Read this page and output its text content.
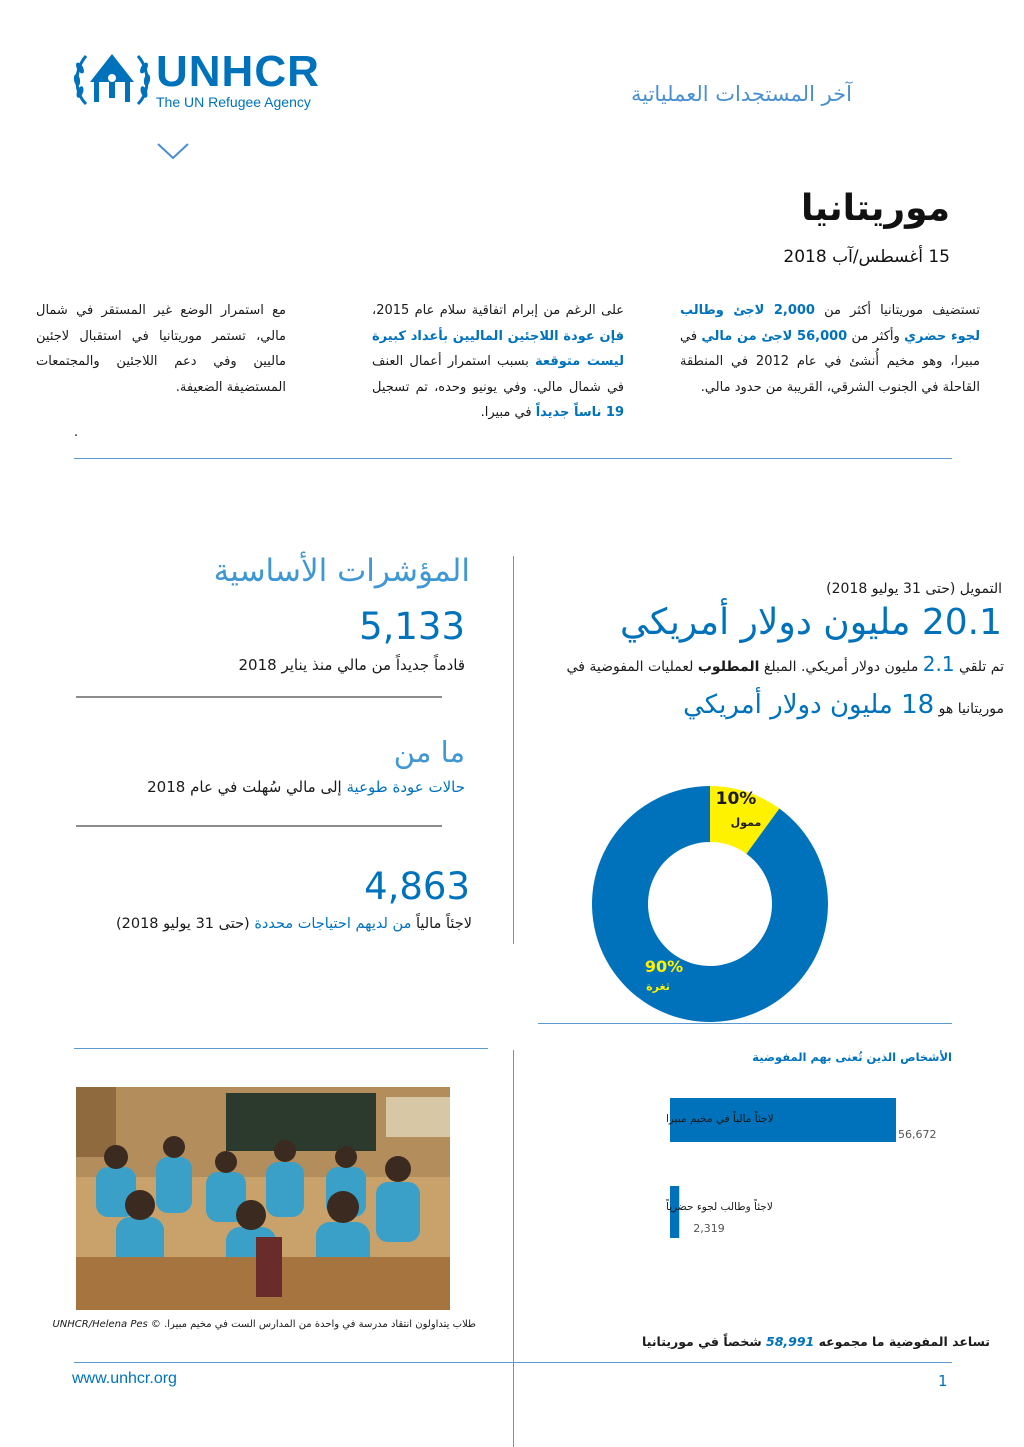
UNHCR
The UN Refugee Agency	آخر المستجدات العملياتية
موريتانيا
15 أغسطس/آب 2018
تستضيف موريتانيا أكثر من 2,000 لاجئ وطالب لجوء حضري وأكثر من 56,000 لاجئ من مالي في مبيرا، وهو مخيم أُنشئ في عام 2012 في المنطقة القاحلة في الجنوب الشرقي، القريبة من حدود مالي.
على الرغم من إبرام اتفاقية سلام عام 2015، فإن عودة اللاجئين الماليين بأعداد كبيرة ليست متوقعة بسبب استمرار أعمال العنف في شمال مالي. وفي يونيو وحده، تم تسجيل 19 ناساً جديداً في مبيرا.
مع استمرار الوضع غير المستقر في شمال مالي، تستمر موريتانيا في استقبال لاجئين ماليين وفي دعم اللاجئين والمجتمعات المستضيفة الضعيفة.
.
المؤشرات الأساسية
5,133
قادماً جديداً من مالي منذ يناير 2018
ما من
حالات عودة طوعية إلى مالي سُهلت في عام 2018
4,863
لاجئاً مالياً من لديهم احتياجات محددة (حتى 31 يوليو 2018)
التمويل (حتى 31 يوليو 2018)
20.1 مليون دولار أمريكي
تم تلقي 2.1 مليون دولار أمريكي. المبلغ المطلوب لعمليات المفوضية في
موريتانيا هو 18 مليون دولار أمريكي
10%
ممول
90%
ثغرة
الأشخاص الذين تُعنى بهم المفوضية
لاجئاً مالياً في مخيم مبيرا
56,672
لاجئاً وطالب لجوء حضرياً
2,319
تساعد المفوضية ما مجموعه 58,991 شخصاً في موريتانيا
طلاب يتداولون انتقاد مدرسة في واحدة من المدارس الست في مخيم مبيرا. © UNHCR/Helena Pes
www.unhcr.org	1
